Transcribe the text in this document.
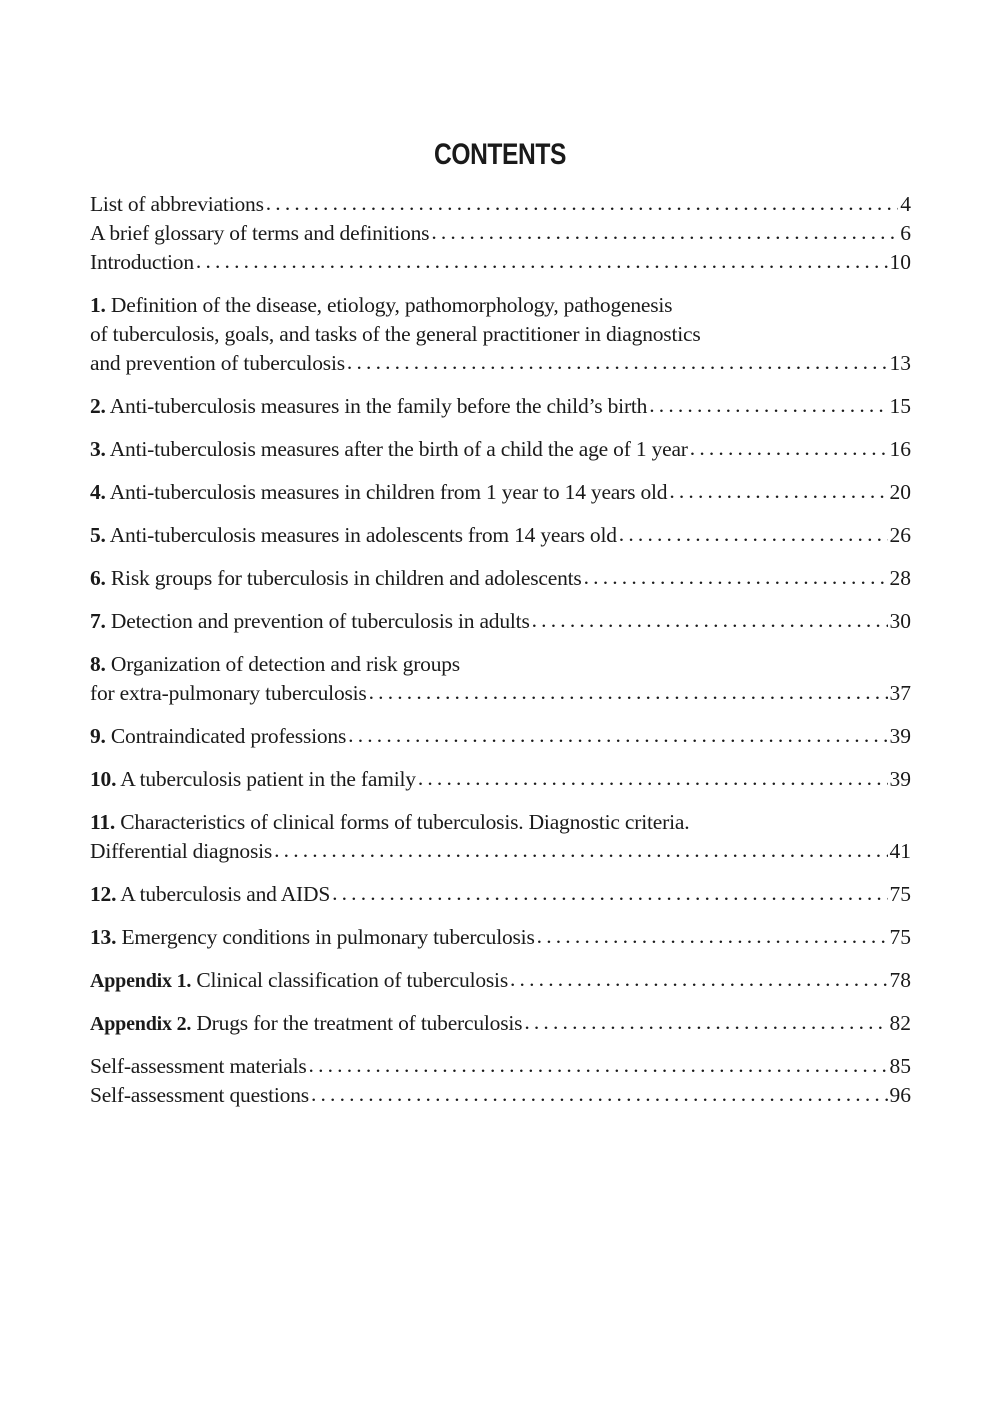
CONTENTS
List of abbreviations . . .	4
A brief glossary of terms and definitions . . .	6
Introduction . . .	10
1. Definition of the disease, etiology, pathomorphology, pathogenesis
of tuberculosis, goals, and tasks of the general practitioner in diagnostics
and prevention of tuberculosis . . .	13
2. Anti-tuberculosis measures in the family before the child’s birth . . .	15
3. Anti-tuberculosis measures after the birth of a child the age of 1 year . . .	16
4. Anti-tuberculosis measures in children from 1 year to 14 years old . . .	20
5. Anti-tuberculosis measures in adolescents from 14 years old . . .	26
6. Risk groups for tuberculosis in children and adolescents . . .	28
7. Detection and prevention of tuberculosis in adults . . .	30
8. Organization of detection and risk groups
for extra-pulmonary tuberculosis . . .	37
9. Contraindicated professions . . .	39
10. A tuberculosis patient in the family . . .	39
11. Characteristics of clinical forms of tuberculosis. Diagnostic criteria.
Differential diagnosis . . .	41
12. A tuberculosis and AIDS . . .	75
13. Emergency conditions in pulmonary tuberculosis . . .	75
Appendix 1. Clinical classification of tuberculosis . . .	78
Appendix 2. Drugs for the treatment of tuberculosis . . .	82
Self-assessment materials . . .	85
Self-assessment questions . . .	96
